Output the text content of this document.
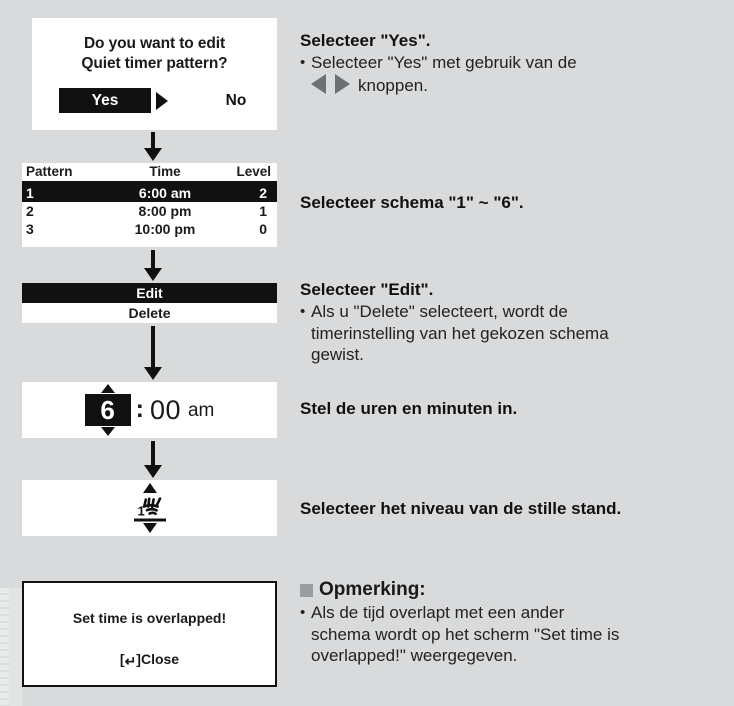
Do you want to edit
Quiet timer pattern?
Yes	No
Pattern	Time	Level
1	6:00 am	2
2	8:00 pm	1
3	10:00 pm	0
Edit
Delete
6 : 00 am
1
Set time is overlapped!
[↵]Close
Selecteer "Yes".
• Selecteer "Yes" met gebruik van de

knoppen.
Selecteer schema "1" ~ "6".
Selecteer "Edit".
• Als u "Delete" selecteert, wordt de
timerinstelling van het gekozen schema
gewist.
Stel de uren en minuten in.
Selecteer het niveau van de stille stand.
Opmerking:
• Als de tijd overlapt met een ander
schema wordt op het scherm "Set time is
overlapped!" weergegeven.
